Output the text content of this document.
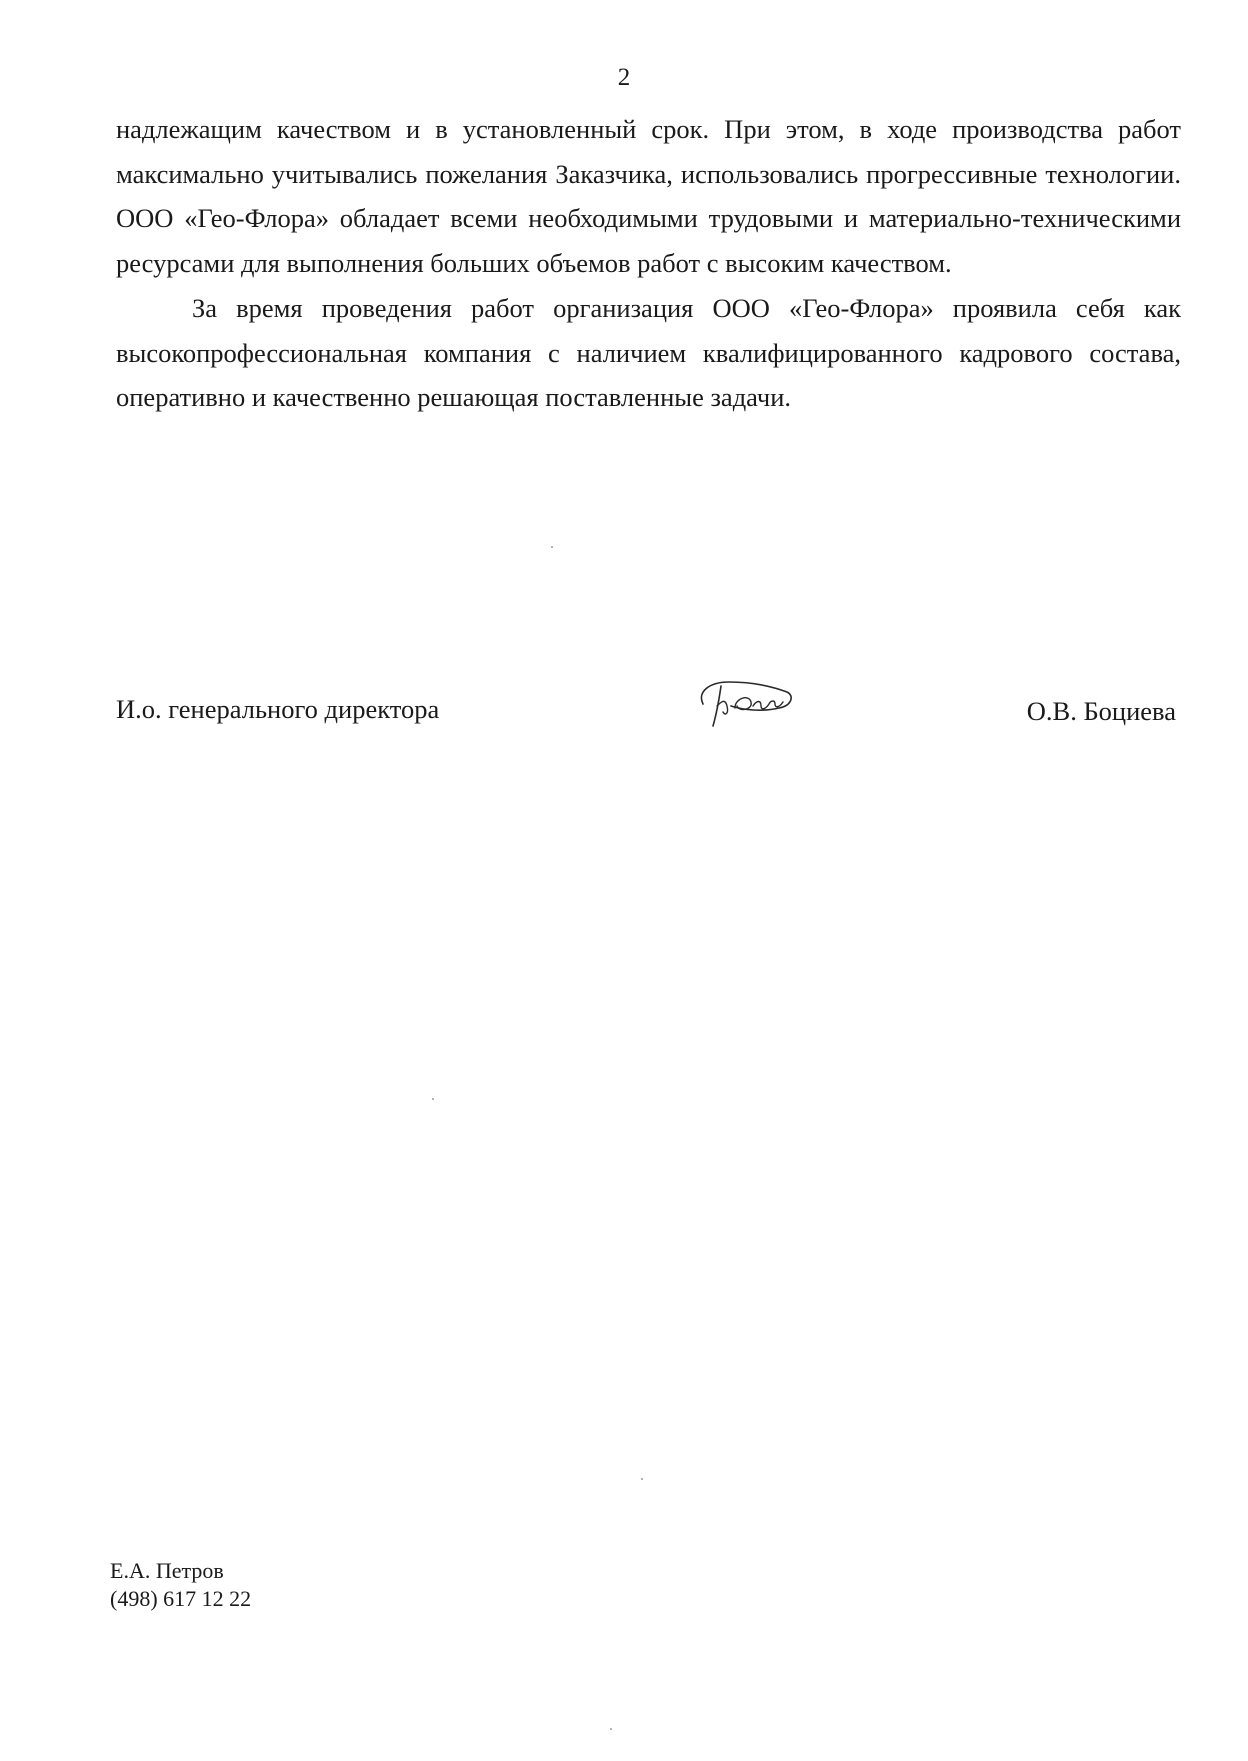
2

надлежащим качеством и в установленный срок. При этом, в ходе производства работ максимально учитывались пожелания Заказчика, использовались прогрессивные технологии. ООО «Гео-Флора» обладает всеми необходимыми трудовыми и материально-техническими ресурсами для выполнения больших объемов работ с высоким качеством.

За время проведения работ организация ООО «Гео-Флора» проявила себя как высокопрофессиональная компания с наличием квалифицированного кадрового состава, оперативно и качественно решающая поставленные задачи.

И.о. генерального директора	О.В. Боциева
Е.А. Петров
(498) 617 12 22
